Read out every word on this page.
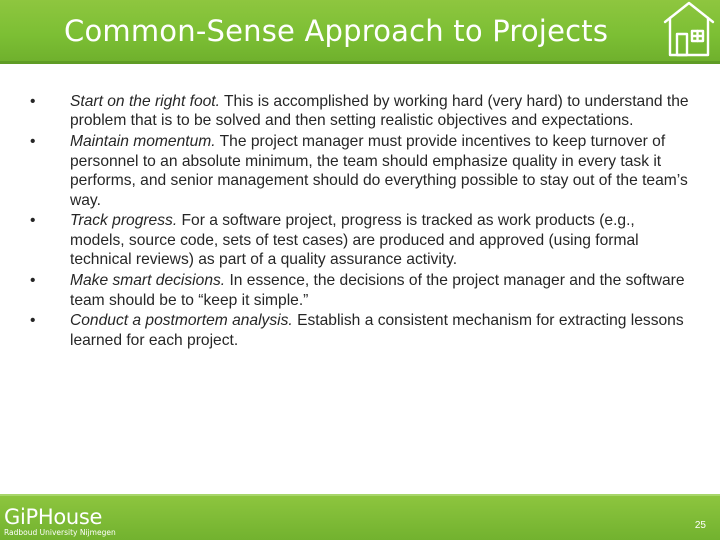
Common-Sense Approach to Projects
• Start on the right foot. This is accomplished by working hard (very hard) to understand the problem that is to be solved and then setting realistic objectives and expectations.
• Maintain momentum. The project manager must provide incentives to keep turnover of personnel to an absolute minimum, the team should emphasize quality in every task it performs, and senior management should do everything possible to stay out of the team’s way.
• Track progress. For a software project, progress is tracked as work products (e.g., models, source code, sets of test cases) are produced and approved (using formal technical reviews) as part of a quality assurance activity.
• Make smart decisions. In essence, the decisions of the project manager and the software team should be to “keep it simple.”
• Conduct a postmortem analysis. Establish a consistent mechanism for extracting lessons learned for each project.
GiPHouse
Radboud University Nijmegen
25
